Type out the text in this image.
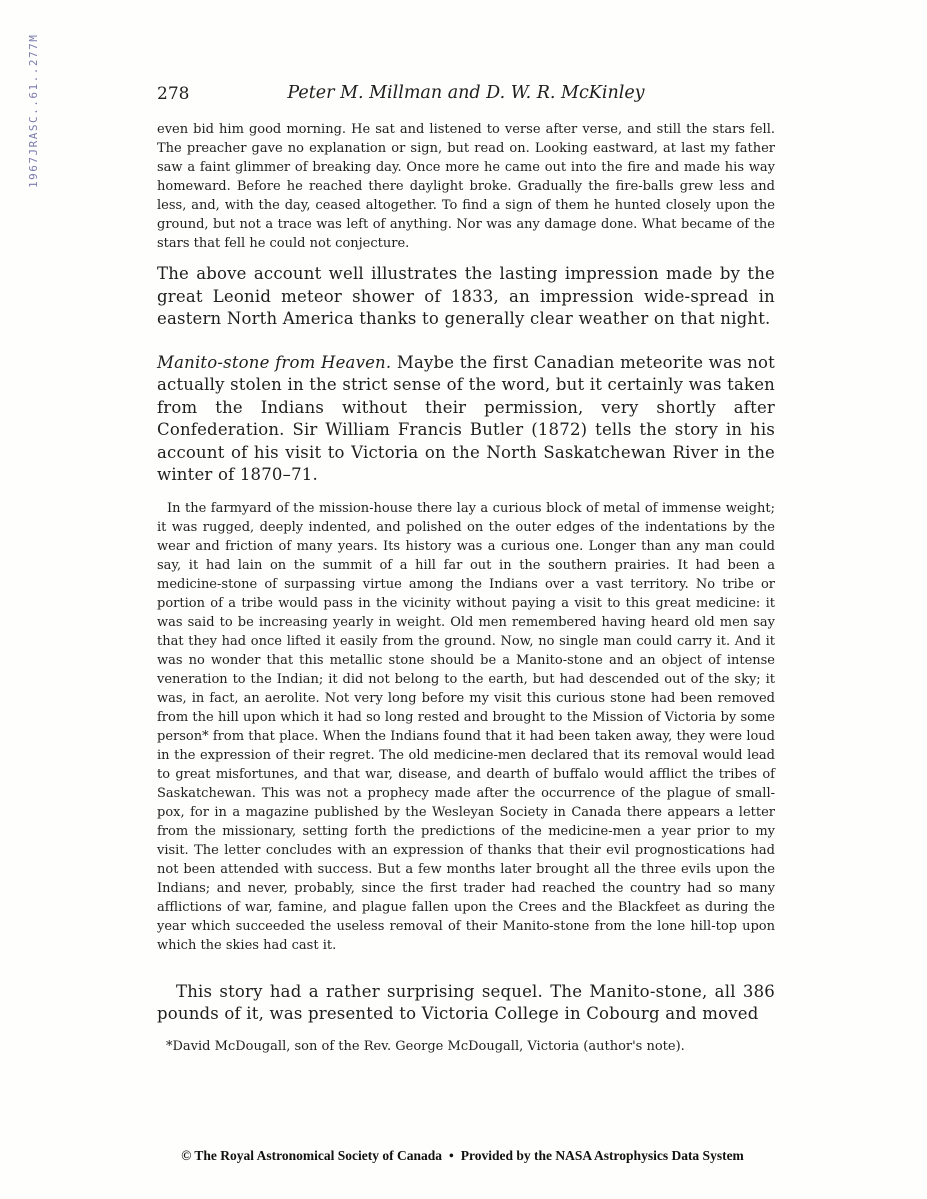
1967JRASC..61..277M	278	Peter M. Millman and D. W. R. McKinley

even bid him good morning. He sat and listened to verse after verse, and still the stars fell. The preacher gave no explanation or sign, but read on. Looking eastward, at last my father saw a faint glimmer of breaking day. Once more he came out into the fire and made his way homeward. Before he reached there daylight broke. Gradually the fire-balls grew less and less, and, with the day, ceased altogether. To find a sign of them he hunted closely upon the ground, but not a trace was left of anything. Nor was any damage done. What became of the stars that fell he could not conjecture.

The above account well illustrates the lasting impression made by the great Leonid meteor shower of 1833, an impression wide-spread in eastern North America thanks to generally clear weather on that night.

Manito-stone from Heaven. Maybe the first Canadian meteorite was not actually stolen in the strict sense of the word, but it certainly was taken from the Indians without their permission, very shortly after Confederation. Sir William Francis Butler (1872) tells the story in his account of his visit to Victoria on the North Saskatchewan River in the winter of 1870–71.

In the farmyard of the mission-house there lay a curious block of metal of immense weight; it was rugged, deeply indented, and polished on the outer edges of the indentations by the wear and friction of many years. Its history was a curious one. Longer than any man could say, it had lain on the summit of a hill far out in the southern prairies. It had been a medicine-stone of surpassing virtue among the Indians over a vast territory. No tribe or portion of a tribe would pass in the vicinity without paying a visit to this great medicine: it was said to be increasing yearly in weight. Old men remembered having heard old men say that they had once lifted it easily from the ground. Now, no single man could carry it. And it was no wonder that this metallic stone should be a Manito-stone and an object of intense veneration to the Indian; it did not belong to the earth, but had descended out of the sky; it was, in fact, an aerolite. Not very long before my visit this curious stone had been removed from the hill upon which it had so long rested and brought to the Mission of Victoria by some person* from that place. When the Indians found that it had been taken away, they were loud in the expression of their regret. The old medicine-men declared that its removal would lead to great misfortunes, and that war, disease, and dearth of buffalo would afflict the tribes of Saskatchewan. This was not a prophecy made after the occurrence of the plague of small-pox, for in a magazine published by the Wesleyan Society in Canada there appears a letter from the missionary, setting forth the predictions of the medicine-men a year prior to my visit. The letter concludes with an expression of thanks that their evil prognostications had not been attended with success. But a few months later brought all the three evils upon the Indians; and never, probably, since the first trader had reached the country had so many afflictions of war, famine, and plague fallen upon the Crees and the Blackfeet as during the year which succeeded the useless removal of their Manito-stone from the lone hill-top upon which the skies had cast it.

This story had a rather surprising sequel. The Manito-stone, all 386 pounds of it, was presented to Victoria College in Cobourg and moved

*David McDougall, son of the Rev. George McDougall, Victoria (author's note).

© The Royal Astronomical Society of Canada • Provided by the NASA Astrophysics Data System
